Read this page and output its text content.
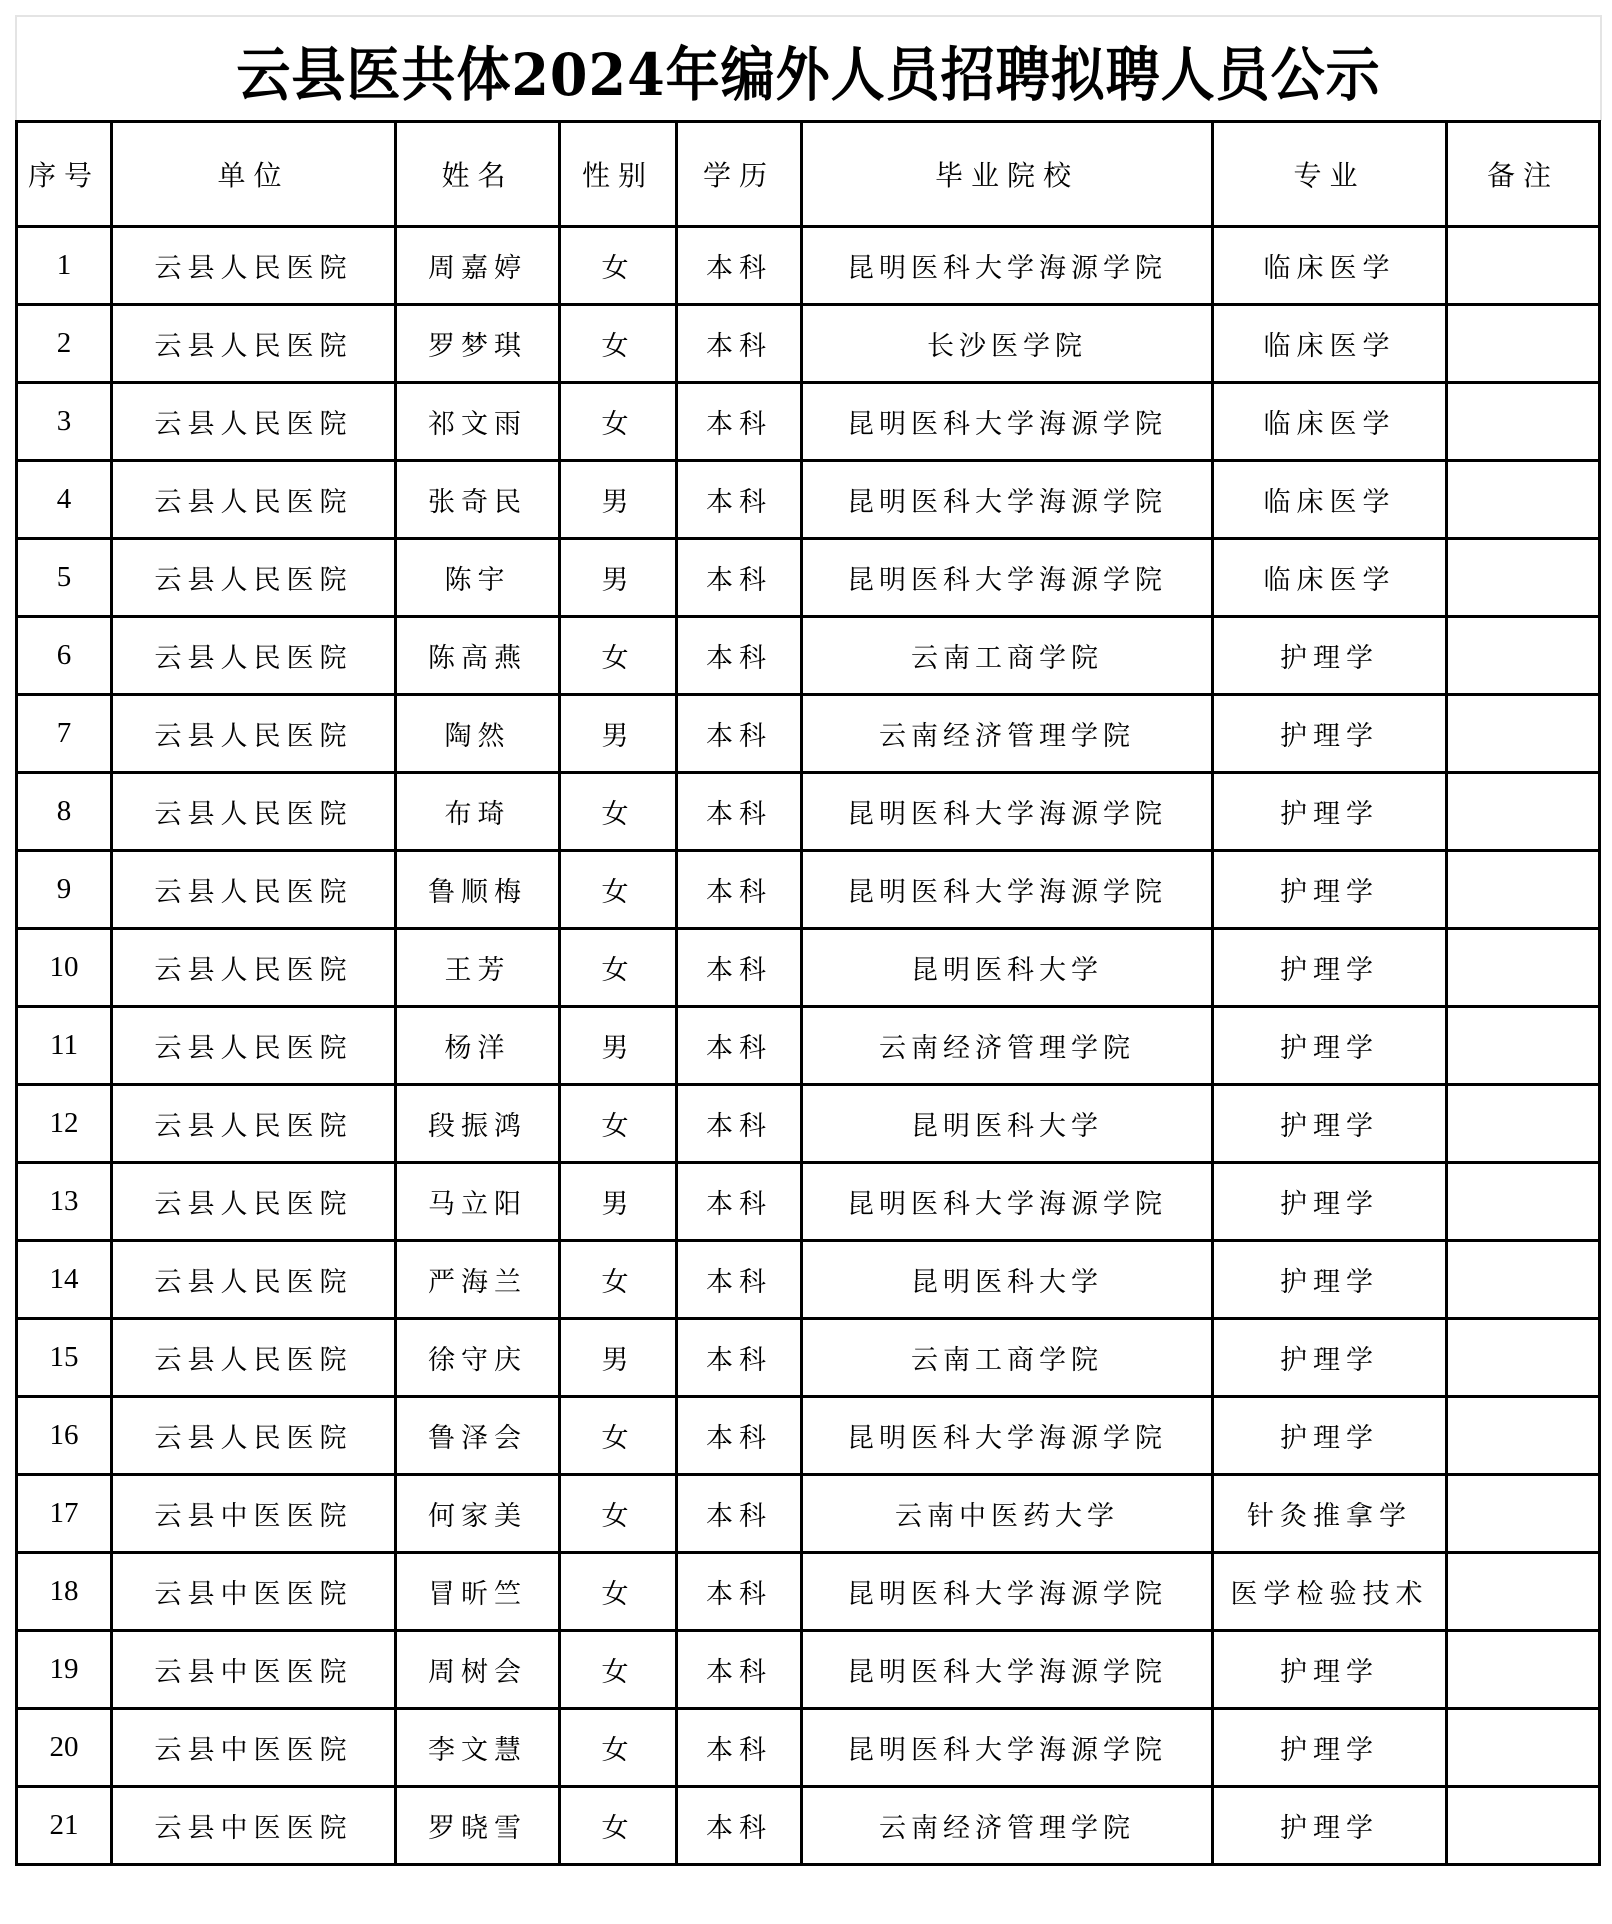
云县医共体2024年编外人员招聘拟聘人员公示
序号	单位	姓名	性别	学历	毕业院校	专业	备注
1	云县人民医院	周嘉婷	女	本科	昆明医科大学海源学院	临床医学	
2	云县人民医院	罗梦琪	女	本科	长沙医学院	临床医学	
3	云县人民医院	祁文雨	女	本科	昆明医科大学海源学院	临床医学	
4	云县人民医院	张奇民	男	本科	昆明医科大学海源学院	临床医学	
5	云县人民医院	陈宇	男	本科	昆明医科大学海源学院	临床医学	
6	云县人民医院	陈高燕	女	本科	云南工商学院	护理学	
7	云县人民医院	陶然	男	本科	云南经济管理学院	护理学	
8	云县人民医院	布琦	女	本科	昆明医科大学海源学院	护理学	
9	云县人民医院	鲁顺梅	女	本科	昆明医科大学海源学院	护理学	
10	云县人民医院	王芳	女	本科	昆明医科大学	护理学	
11	云县人民医院	杨洋	男	本科	云南经济管理学院	护理学	
12	云县人民医院	段振鸿	女	本科	昆明医科大学	护理学	
13	云县人民医院	马立阳	男	本科	昆明医科大学海源学院	护理学	
14	云县人民医院	严海兰	女	本科	昆明医科大学	护理学	
15	云县人民医院	徐守庆	男	本科	云南工商学院	护理学	
16	云县人民医院	鲁泽会	女	本科	昆明医科大学海源学院	护理学	
17	云县中医医院	何家美	女	本科	云南中医药大学	针灸推拿学	
18	云县中医医院	冒昕竺	女	本科	昆明医科大学海源学院	医学检验技术	
19	云县中医医院	周树会	女	本科	昆明医科大学海源学院	护理学	
20	云县中医医院	李文慧	女	本科	昆明医科大学海源学院	护理学	
21	云县中医医院	罗晓雪	女	本科	云南经济管理学院	护理学	
